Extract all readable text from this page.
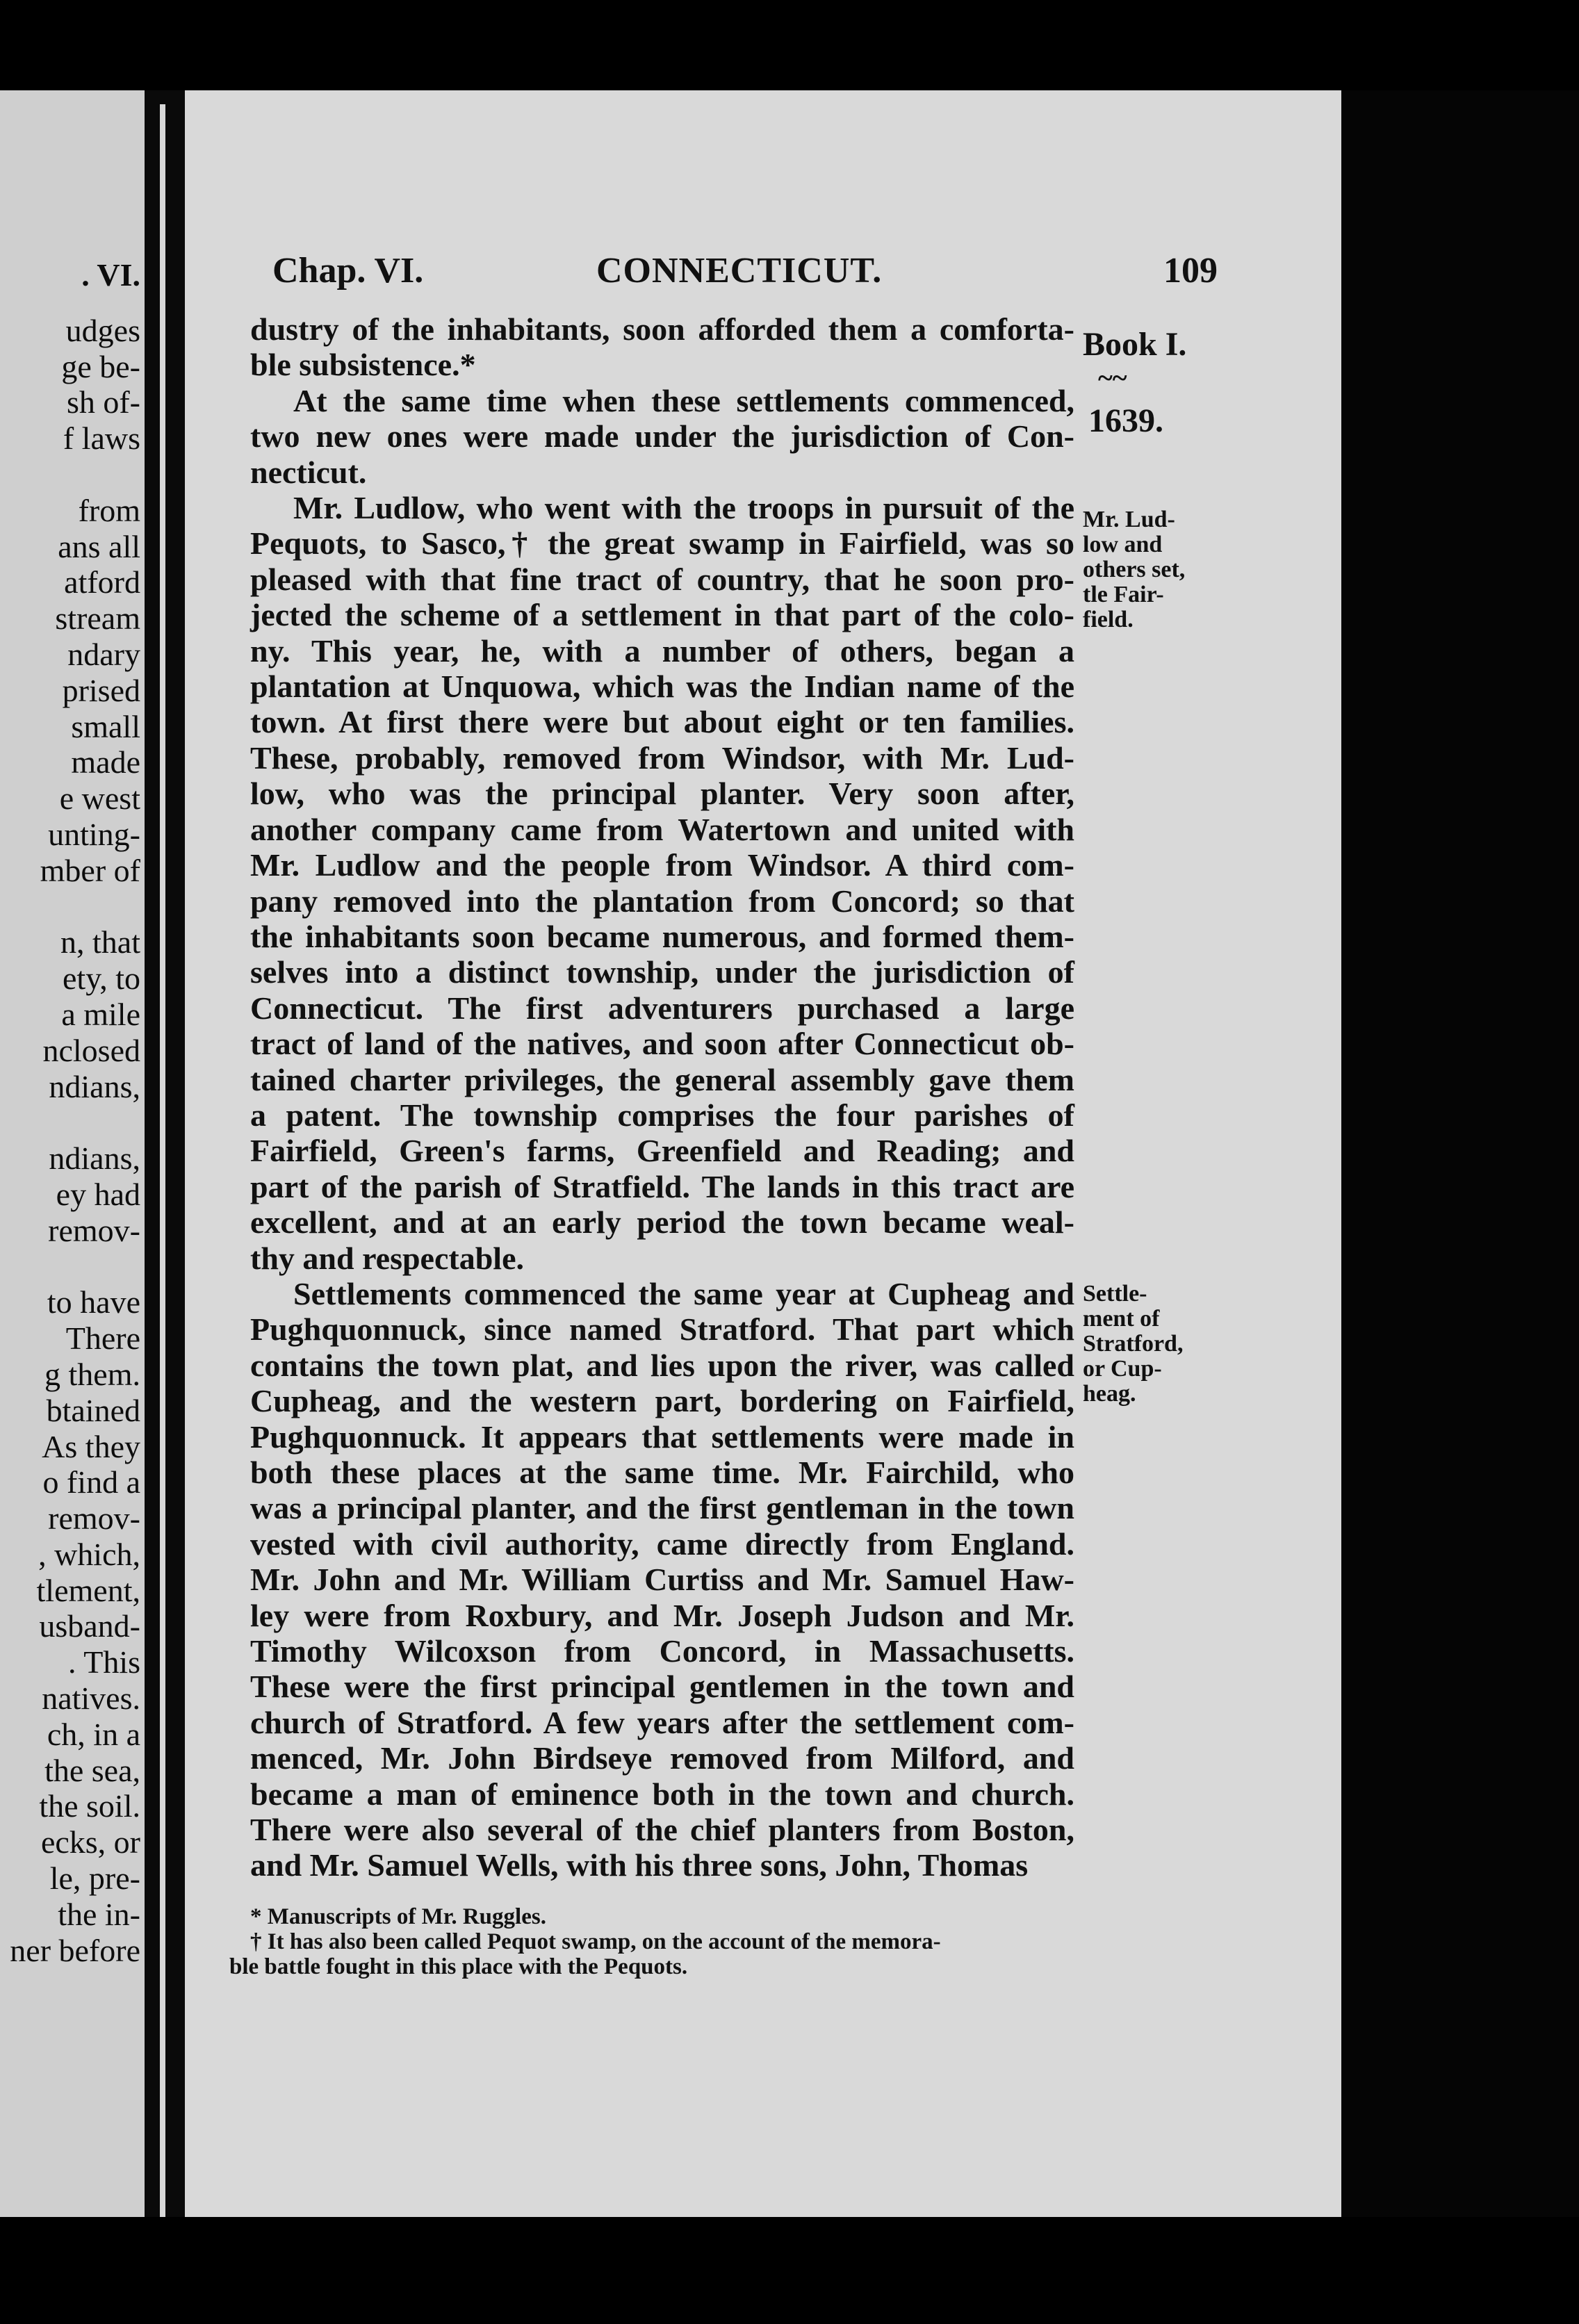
. VI.
udges
ge be-
sh of-
f laws

from
ans all
atford
stream
ndary
prised
small
made
e west
unting-
mber of

n, that
ety, to
a mile
nclosed
ndians,

ndians,
ey had
remov-

to have
There
g them.
btained
As they
o find a
remov-
, which,
tlement,
usband-
. This
natives.
ch, in a
the sea,
the soil.
ecks, or
le, pre-
the in-
ner before
Chap. VI.	CONNECTICUT.	109
dustry of the inhabitants, soon afforded them a comforta-
ble subsistence.*
At the same time when these settlements commenced,
two new ones were made under the jurisdiction of Con-
necticut.
Mr. Ludlow, who went with the troops in pursuit of the
Pequots, to Sasco,† the great swamp in Fairfield, was so
pleased with that fine tract of country, that he soon pro-
jected the scheme of a settlement in that part of the colo-
ny. This year, he, with a number of others, began a
plantation at Unquowa, which was the Indian name of the
town. At first there were but about eight or ten families.
These, probably, removed from Windsor, with Mr. Lud-
low, who was the principal planter. Very soon after,
another company came from Watertown and united with
Mr. Ludlow and the people from Windsor. A third com-
pany removed into the plantation from Concord; so that
the inhabitants soon became numerous, and formed them-
selves into a distinct township, under the jurisdiction of
Connecticut. The first adventurers purchased a large
tract of land of the natives, and soon after Connecticut ob-
tained charter privileges, the general assembly gave them
a patent. The township comprises the four parishes of
Fairfield, Green's farms, Greenfield and Reading; and
part of the parish of Stratfield. The lands in this tract are
excellent, and at an early period the town became weal-
thy and respectable.
Settlements commenced the same year at Cupheag and
Pughquonnuck, since named Stratford. That part which
contains the town plat, and lies upon the river, was called
Cupheag, and the western part, bordering on Fairfield,
Pughquonnuck. It appears that settlements were made in
both these places at the same time. Mr. Fairchild, who
was a principal planter, and the first gentleman in the town
vested with civil authority, came directly from England.
Mr. John and Mr. William Curtiss and Mr. Samuel Haw-
ley were from Roxbury, and Mr. Joseph Judson and Mr.
Timothy Wilcoxson from Concord, in Massachusetts.
These were the first principal gentlemen in the town and
church of Stratford. A few years after the settlement com-
menced, Mr. John Birdseye removed from Milford, and
became a man of eminence both in the town and church.
There were also several of the chief planters from Boston,
and Mr. Samuel Wells, with his three sons, John, Thomas
Book I.
~~
1639.
Mr. Lud-
low and
others set,
tle Fair-
field.
Settle-
ment of
Stratford,
or Cup-
heag.
* Manuscripts of Mr. Ruggles.
† It has also been called Pequot swamp, on the account of the memora-
ble battle fought in this place with the Pequots.
